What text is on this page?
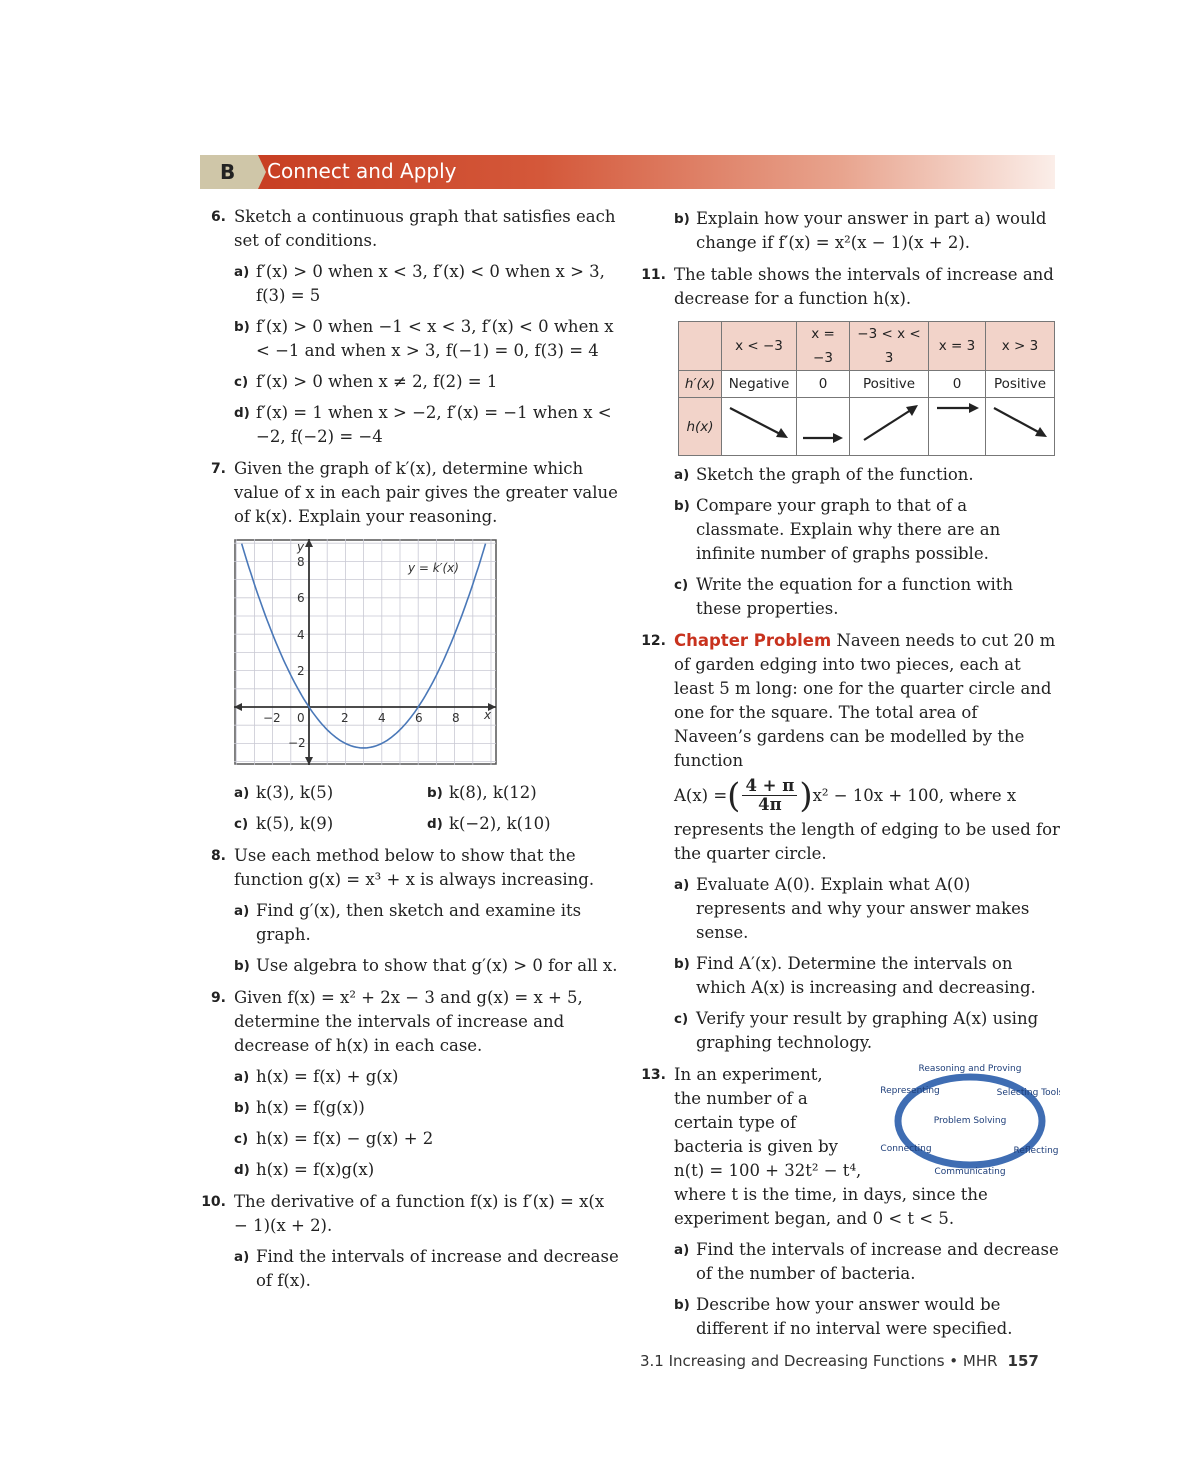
B Connect and Apply
6. Sketch a continuous graph that satisfies each set of conditions.
a) f′(x) > 0 when x < 3, f′(x) < 0 when x > 3, f(3) = 5
b) f′(x) > 0 when −1 < x < 3, f′(x) < 0 when x < −1 and when x > 3, f(−1) = 0, f(3) = 4
c) f′(x) > 0 when x ≠ 2, f(2) = 1
d) f′(x) = 1 when x > −2, f′(x) = −1 when x < −2, f(−2) = −4
7. Given the graph of k′(x), determine which value of x in each pair gives the greater value of k(x). Explain your reasoning.
y
x
y = k′(x)
−2 0	2 4 6 8
8
6
4
2
−2
a) k(3), k(5)	b) k(8), k(12)
c) k(5), k(9)	d) k(−2), k(10)
8. Use each method below to show that the function g(x) = x³ + x is always increasing.
a) Find g′(x), then sketch and examine its graph.
b) Use algebra to show that g′(x) > 0 for all x.
9. Given f(x) = x² + 2x − 3 and g(x) = x + 5, determine the intervals of increase and decrease of h(x) in each case.
a) h(x) = f(x) + g(x)
b) h(x) = f(g(x))
c) h(x) = f(x) − g(x) + 2
d) h(x) = f(x)g(x)
10. The derivative of a function f(x) is f′(x) = x(x − 1)(x + 2).
a) Find the intervals of increase and decrease of f(x).
b) Explain how your answer in part a) would change if f′(x) = x²(x − 1)(x + 2).
11. The table shows the intervals of increase and decrease for a function h(x).
	x < −3	x = −3	−3 < x < 3	x = 3	x > 3
h′(x)	Negative	0	Positive	0	Positive
h(x)					
a) Sketch the graph of the function.
b) Compare your graph to that of a classmate. Explain why there are an infinite number of graphs possible.
c) Write the equation for a function with these properties.
12. Chapter Problem Naveen needs to cut 20 m of garden edging into two pieces, each at least 5 m long: one for the quarter circle and one for the square. The total area of Naveen’s gardens can be modelled by the function
A(x) = ( $\frac{4 + \pi}{4\pi}$ ) x² − 10x + 100, where x
represents the length of edging to be used for the quarter circle.
a) Evaluate A(0). Explain what A(0) represents and why your answer makes sense.
b) Find A′(x). Determine the intervals on which A(x) is increasing and decreasing.
c) Verify your result by graphing A(x) using graphing technology.
13.	Reasoning and Proving
Representing	Selecting Tools
Problem Solving
Connecting	Reflecting
Communicating
In an experiment,
the number of a
certain type of
bacteria is given by
n(t) = 100 + 32t² − t⁴,
where t is the time, in days, since the experiment began, and 0 < t < 5.
a) Find the intervals of increase and decrease of the number of bacteria.
b) Describe how your answer would be different if no interval were specified.
3.1 Increasing and Decreasing Functions • MHR 157
